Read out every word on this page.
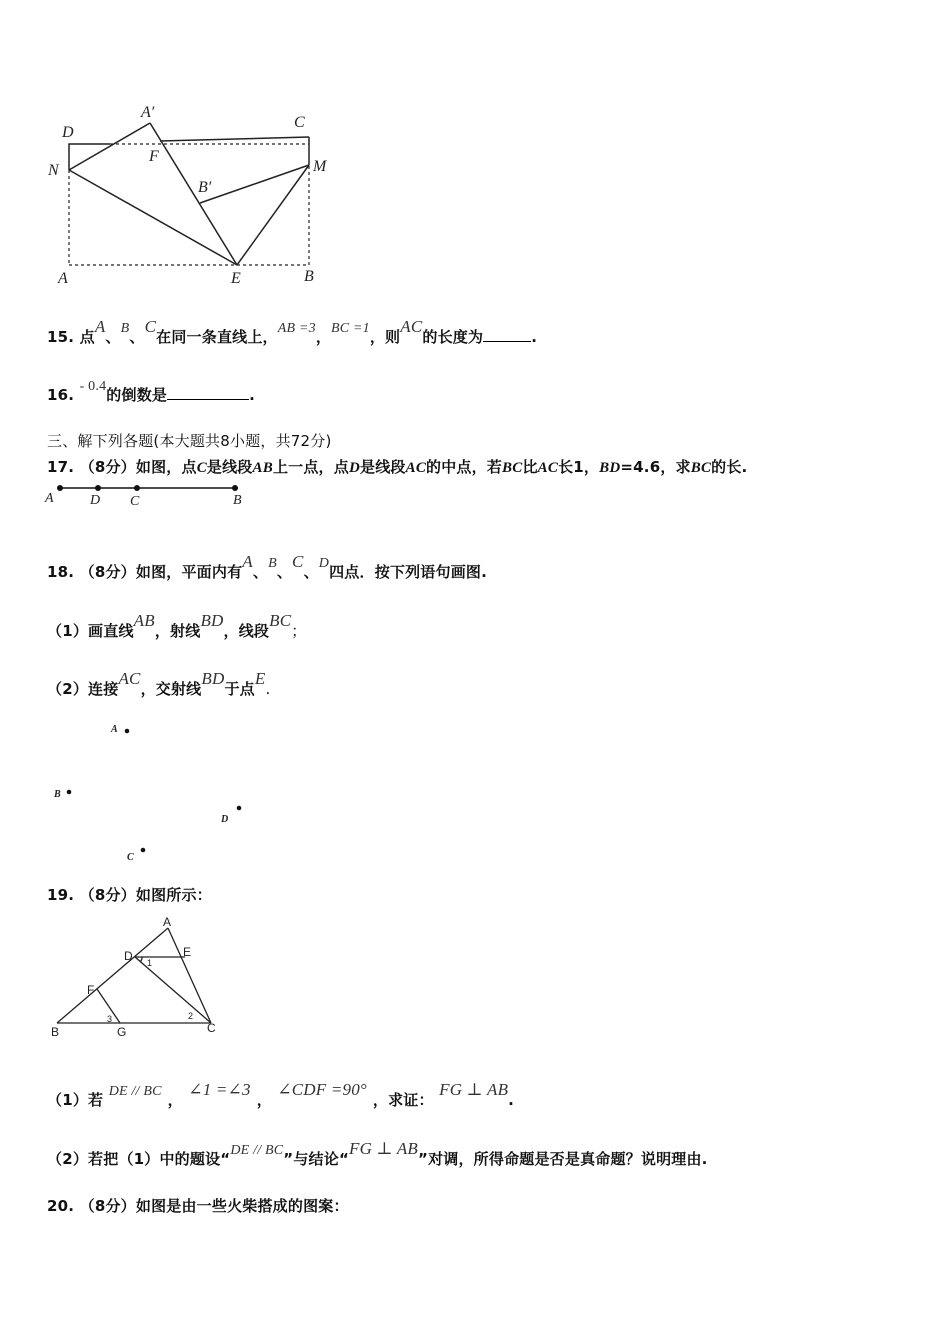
D
A′
C
N
F
M
B′
A	E	B
15. 点A、B、C在同一条直线上，AB =3，BC =1，则AC的长度为	.
16. - 0.4的倒数是	.
三、解下列各题(本大题共8小题，共72分)
17. （8分）如图，点C是线段AB上一点，点D是线段AC的中点，若BC比AC长1，BD=4.6，求BC的长.
A	D C	B
18. （8分）如图，平面内有A、B、C、D四点．按下列语句画图.
（1）画直线AB，射线BD，线段BC；
（2）连接AC，交射线BD于点E.
A
B
D
C
19. （8分）如图所示：
A
D	E
1
F
B
3
G
2
C
（1）若 DE // BC ， ∠1 =∠3， ∠CDF =90°，求证： FG ⊥ AB.
（2）若把（1）中的题设“DE // BC”与结论“FG ⊥ AB”对调，所得命题是否是真命题？说明理由.
20. （8分）如图是由一些火柴搭成的图案：
